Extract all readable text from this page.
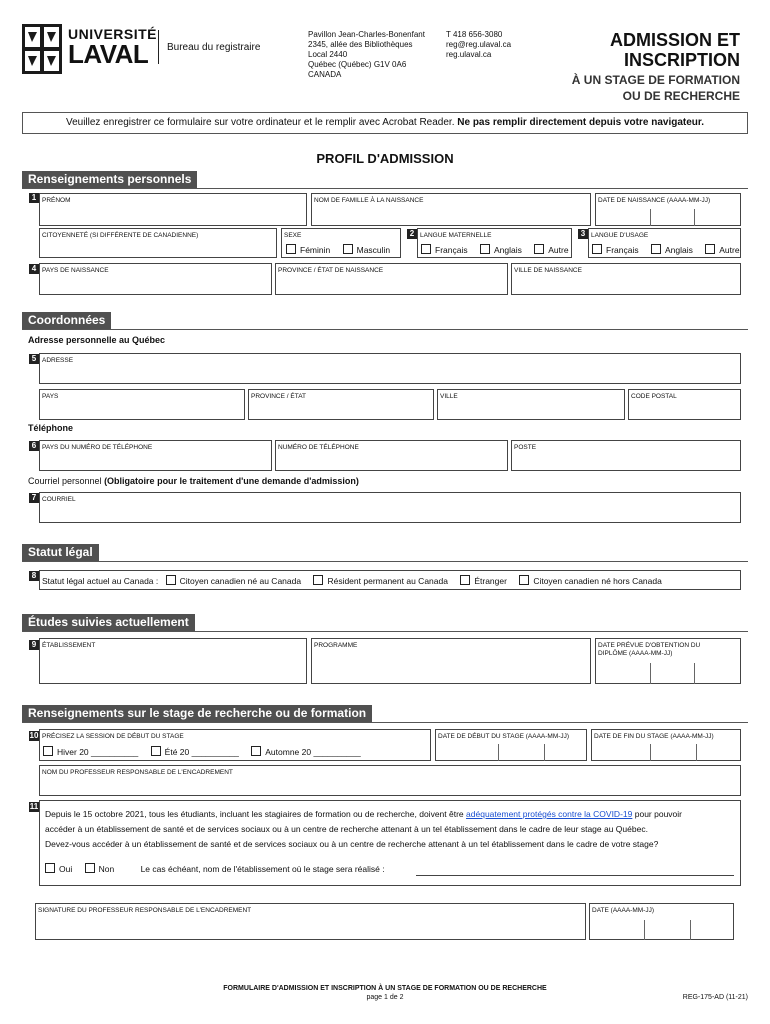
UNIVERSITÉ
LAVAL	Bureau du registraire
Pavillon Jean-Charles-Bonenfant
2345, allée des Bibliothèques
Local 2440
Québec (Québec) G1V 0A6
CANADA
T 418 656-3080
reg@reg.ulaval.ca
reg.ulaval.ca
ADMISSION ET
INSCRIPTION
À UN STAGE DE FORMATION
OU DE RECHERCHE
Veuillez enregistrer ce formulaire sur votre ordinateur et le remplir avec Acrobat Reader. Ne pas remplir directement depuis votre navigateur.
PROFIL D'ADMISSION
Renseignements personnels
1 PRÉNOM	NOM DE FAMILLE À LA NAISSANCE	DATE DE NAISSANCE (AAAA-MM-JJ)
CITOYENNETÉ (SI DIFFÉRENTE DE CANADIENNE)	SEXE
Féminin	Masculin
2 LANGUE MATERNELLE
Français	Anglais	Autre
3 LANGUE D'USAGE
Français	Anglais	Autre
4 PAYS DE NAISSANCE	PROVINCE / ÉTAT DE NAISSANCE	VILLE DE NAISSANCE
Coordonnées
Adresse personnelle au Québec
5 ADRESSE
PAYS	PROVINCE / ÉTAT	VILLE	CODE POSTAL
Téléphone
6 PAYS DU NUMÉRO DE TÉLÉPHONE	NUMÉRO DE TÉLÉPHONE	POSTE
Courriel personnel (Obligatoire pour le traitement d'une demande d'admission)
7 COURRIEL
Statut légal
8
Statut légal actuel au Canada :	Citoyen canadien né au Canada	Résident permanent au Canada	Étranger	Citoyen canadien né hors Canada
Études suivies actuellement
9 ÉTABLISSEMENT	PROGRAMME	DATE PRÉVUE D'OBTENTION DU
DIPLÔME (AAAA-MM-JJ)
Renseignements sur le stage de recherche ou de formation
10 PRÉCISEZ LA SESSION DE DÉBUT DU STAGE
Hiver 20 __________	Été 20 __________	Automne 20 __________
DATE DE DÉBUT DU STAGE (AAAA-MM-JJ)	DATE DE FIN DU STAGE (AAAA-MM-JJ)
NOM DU PROFESSEUR RESPONSABLE DE L'ENCADREMENT
11
Depuis le 15 octobre 2021, tous les étudiants, incluant les stagiaires de formation ou de recherche, doivent être adéquatement protégés contre la COVID-19 pour pouvoir
accéder à un établissement de santé et de services sociaux ou à un centre de recherche attenant à un tel établissement dans le cadre de leur stage au Québec.
Devez-vous accéder à un établissement de santé et de services sociaux ou à un centre de recherche attenant à un tel établissement dans le cadre de votre stage?
Oui	Non	Le cas échéant, nom de l'établissement où le stage sera réalisé :
SIGNATURE DU PROFESSEUR RESPONSABLE DE L'ENCADREMENT	DATE (AAAA-MM-JJ)
FORMULAIRE D'ADMISSION ET INSCRIPTION À UN STAGE DE FORMATION OU DE RECHERCHE
page 1 de 2	REG-175-AD (11-21)
